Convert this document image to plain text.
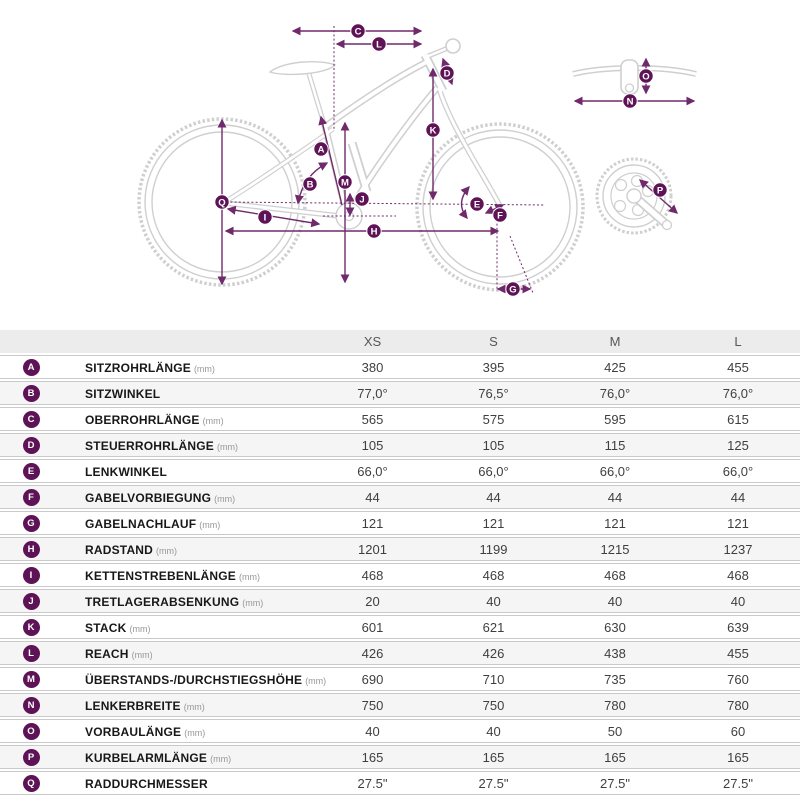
C
L
D
K
A
B	M
J
Q
I
H
E
F
G
O
N
P
		XS	S	M	L
A	SITZROHRLÄNGE (mm)	380	395	425	455
B	SITZWINKEL	77,0°	76,5°	76,0°	76,0°
C	OBERROHRLÄNGE (mm)	565	575	595	615
D	STEUERROHRLÄNGE (mm)	105	105	115	125
E	LENKWINKEL	66,0°	66,0°	66,0°	66,0°
F	GABELVORBIEGUNG (mm)	44	44	44	44
G	GABELNACHLAUF (mm)	121	121	121	121
H	RADSTAND (mm)	1201	1199	1215	1237
I	KETTENSTREBENLÄNGE (mm)	468	468	468	468
J	TRETLAGERABSENKUNG (mm)	20	40	40	40
K	STACK (mm)	601	621	630	639
L	REACH (mm)	426	426	438	455
M	ÜBERSTANDS-/DURCHSTIEGSHÖHE (mm)	690	710	735	760
N	LENKERBREITE (mm)	750	750	780	780
O	VORBAULÄNGE (mm)	40	40	50	60
P	KURBELARMLÄNGE (mm)	165	165	165	165
Q	RADDURCHMESSER	27.5"	27.5"	27.5"	27.5"
